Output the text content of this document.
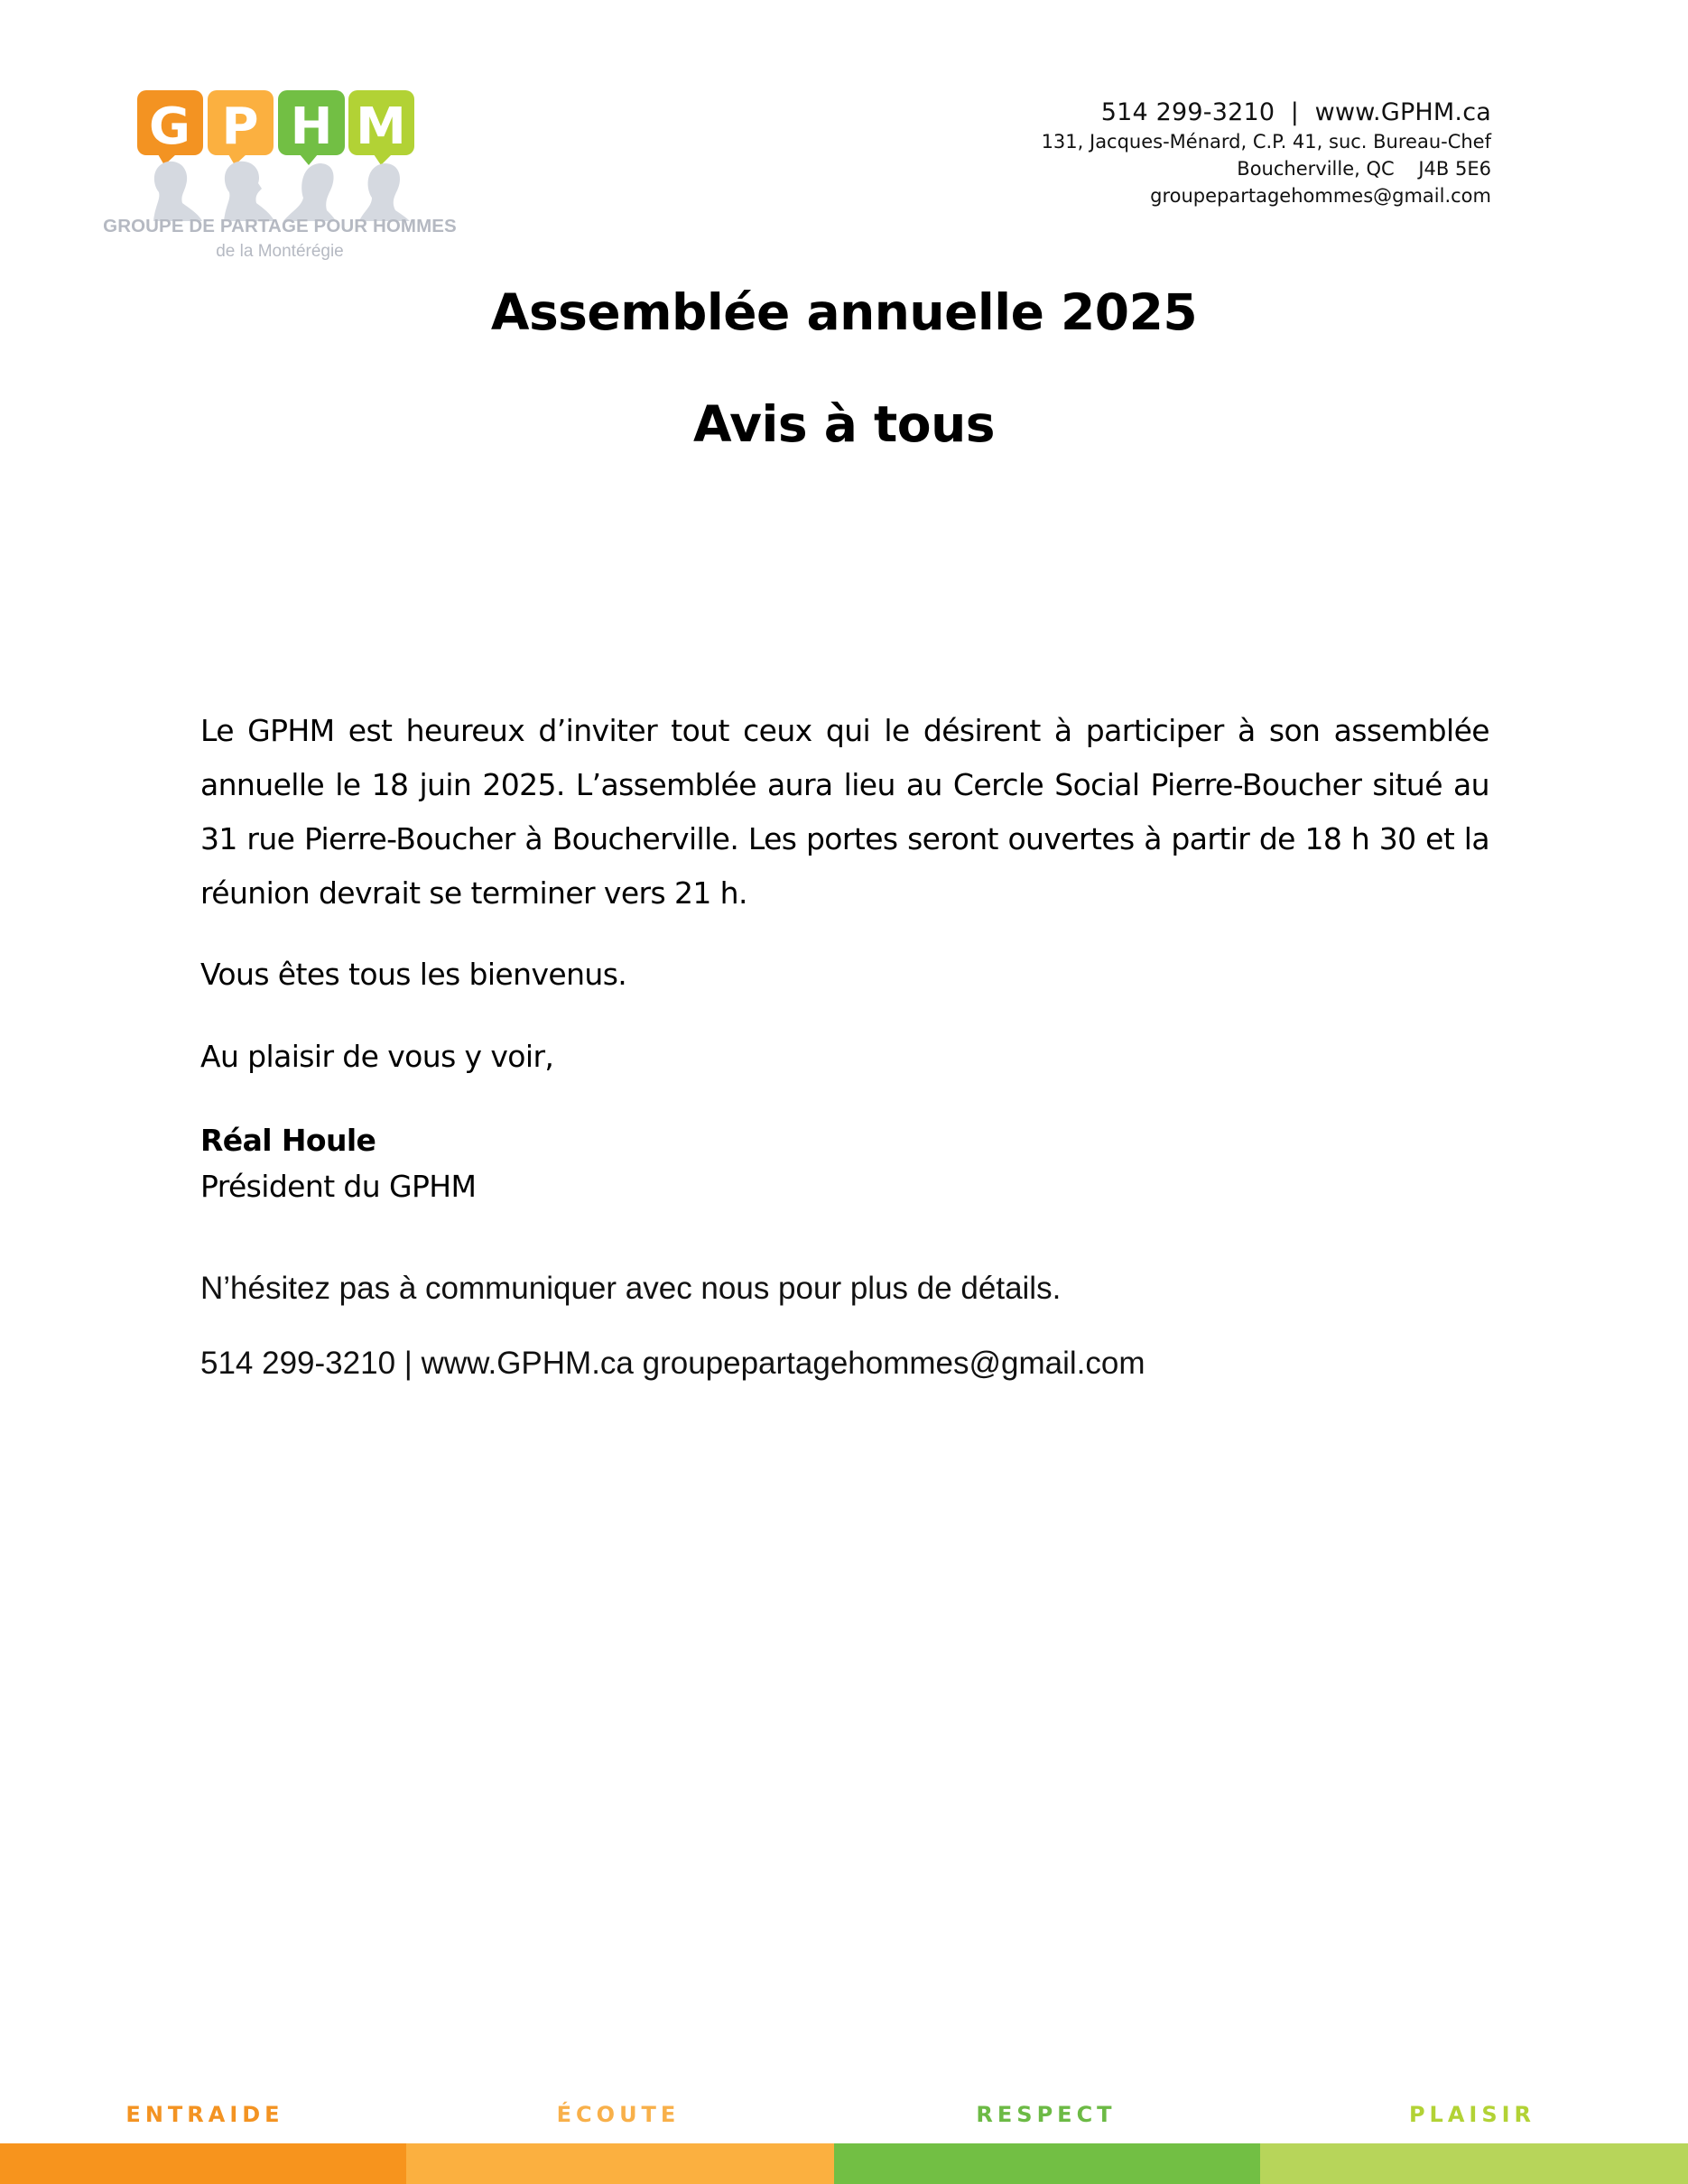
G P H M
GROUPE DE PARTAGE POUR HOMMES
de la Montérégie
514 299-3210  |  www.GPHM.ca
131, Jacques-Ménard, C.P. 41, suc. Bureau-Chef
Boucherville, QC    J4B 5E6
groupepartagehommes@gmail.com
Assemblée annuelle 2025
Avis à tous
Le GPHM est heureux d’inviter tout ceux qui le désirent à participer à son assemblée annuelle le 18 juin 2025. L’assemblée aura lieu au Cercle Social Pierre-Boucher situé au 31 rue Pierre-Boucher à Boucherville. Les portes seront ouvertes à partir de 18 h 30 et la réunion devrait se terminer vers 21 h.
Vous êtes tous les bienvenus.
Au plaisir de vous y voir,
Réal Houle
Président du GPHM
N’hésitez pas à communiquer avec nous pour plus de détails.
514 299-3210 | www.GPHM.ca groupepartagehommes@gmail.com
ENTRAIDE	ÉCOUTE	RESPECT	PLAISIR
